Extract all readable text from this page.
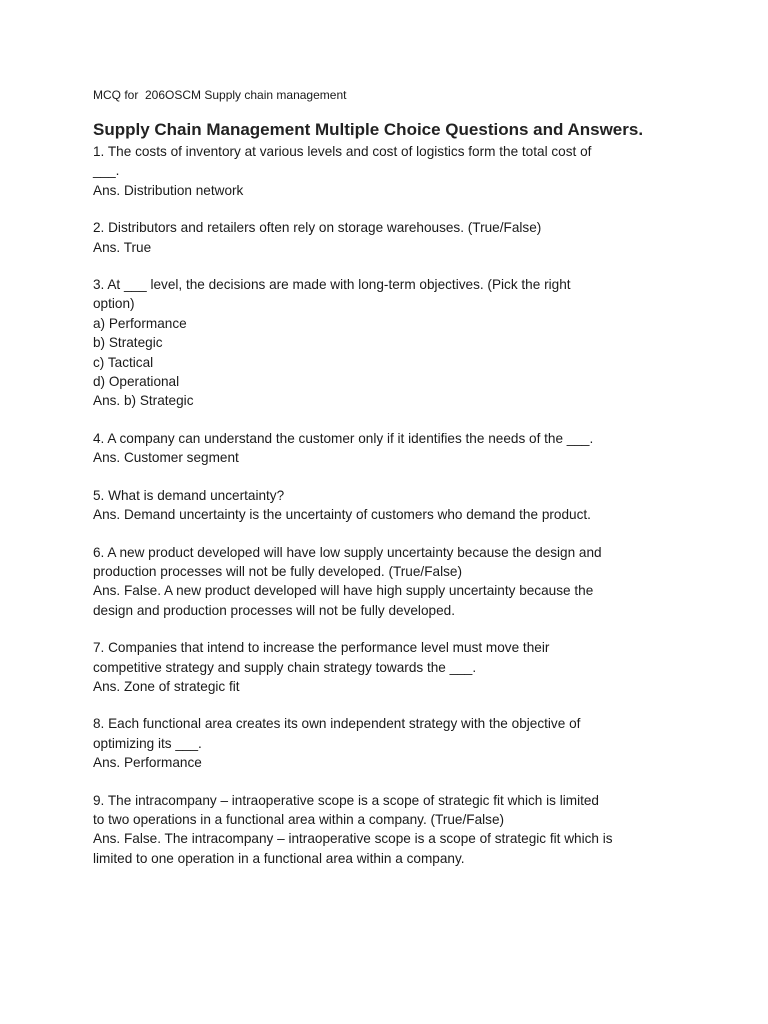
MCQ for  206OSCM Supply chain management

Supply Chain Management Multiple Choice Questions and Answers.
1. The costs of inventory at various levels and cost of logistics form the total cost of
___.
Ans. Distribution network
2. Distributors and retailers often rely on storage warehouses. (True/False)
Ans. True
3. At ___ level, the decisions are made with long-term objectives. (Pick the right
option)
a) Performance
b) Strategic
c) Tactical
d) Operational
Ans. b) Strategic
4. A company can understand the customer only if it identifies the needs of the ___.
Ans. Customer segment
5. What is demand uncertainty?
Ans. Demand uncertainty is the uncertainty of customers who demand the product.
6. A new product developed will have low supply uncertainty because the design and
production processes will not be fully developed. (True/False)
Ans. False. A new product developed will have high supply uncertainty because the
design and production processes will not be fully developed.
7. Companies that intend to increase the performance level must move their
competitive strategy and supply chain strategy towards the ___.
Ans. Zone of strategic fit
8. Each functional area creates its own independent strategy with the objective of
optimizing its ___.
Ans. Performance
9. The intracompany – intraoperative scope is a scope of strategic fit which is limited
to two operations in a functional area within a company. (True/False)
Ans. False. The intracompany – intraoperative scope is a scope of strategic fit which is
limited to one operation in a functional area within a company.
